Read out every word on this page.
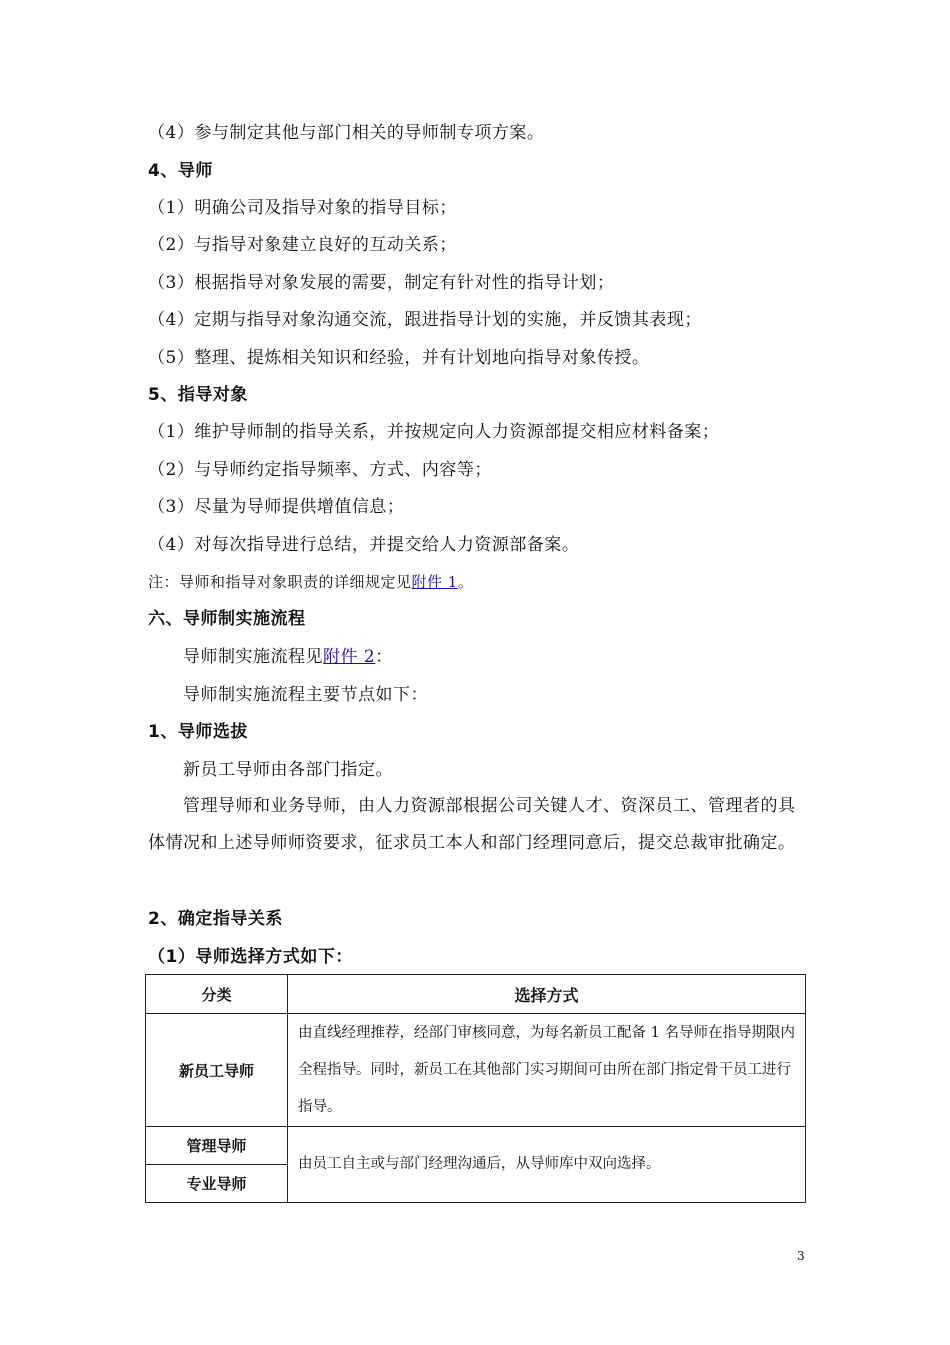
（4）参与制定其他与部门相关的导师制专项方案。
4、导师
（1）明确公司及指导对象的指导目标；
（2）与指导对象建立良好的互动关系；
（3）根据指导对象发展的需要，制定有针对性的指导计划；
（4）定期与指导对象沟通交流，跟进指导计划的实施，并反馈其表现；
（5）整理、提炼相关知识和经验，并有计划地向指导对象传授。
5、指导对象
（1）维护导师制的指导关系，并按规定向人力资源部提交相应材料备案；
（2）与导师约定指导频率、方式、内容等；
（3）尽量为导师提供增值信息；
（4）对每次指导进行总结，并提交给人力资源部备案。
注：导师和指导对象职责的详细规定见附件 1。
六、导师制实施流程
导师制实施流程见附件 2：
导师制实施流程主要节点如下：
1、导师选拔
新员工导师由各部门指定。
管理导师和业务导师，由人力资源部根据公司关键人才、资深员工、管理者的具体情况和上述导师师资要求，征求员工本人和部门经理同意后，提交总裁审批确定。
2、确定指导关系
（1）导师选择方式如下：
分类	选择方式
新员工导师	由直线经理推荐，经部门审核同意，为每名新员工配备 1 名导师在指导期限内全程指导。同时，新员工在其他部门实习期间可由所在部门指定骨干员工进行指导。
管理导师	由员工自主或与部门经理沟通后，从导师库中双向选择。
专业导师	
3
